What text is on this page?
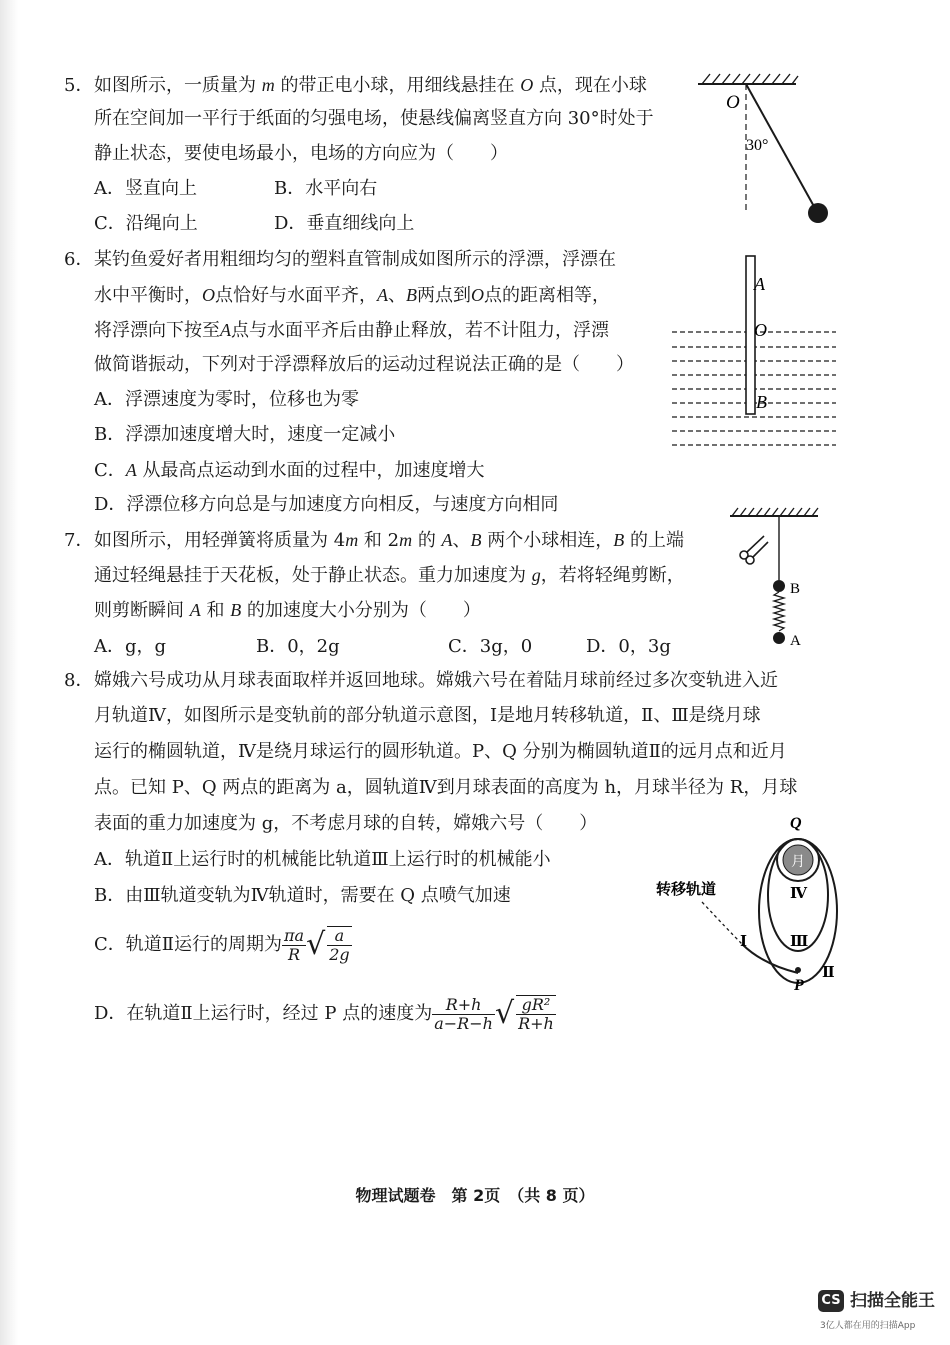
5．如图所示，一质量为 m 的带正电小球，用细线悬挂在 O 点，现在小球
所在空间加一平行于纸面的匀强电场，使悬线偏离竖直方向 30°时处于
静止状态，要使电场最小，电场的方向应为（　　）
A．竖直向上	B．水平向右
C．沿绳向上	D．垂直细线向上
O
30°
6．某钓鱼爱好者用粗细均匀的塑料直管制成如图所示的浮漂，浮漂在
水中平衡时，O点恰好与水面平齐，A、B两点到O点的距离相等，
将浮漂向下按至A点与水面平齐后由静止释放，若不计阻力，浮漂
做简谐振动，下列对于浮漂释放后的运动过程说法正确的是（　　）
A．浮漂速度为零时，位移也为零
B．浮漂加速度增大时，速度一定减小
C．A 从最高点运动到水面的过程中，加速度增大
D．浮漂位移方向总是与加速度方向相反，与速度方向相同
A
O
B
7．如图所示，用轻弹簧将质量为 4m 和 2m 的 A、B 两个小球相连，B 的上端
通过轻绳悬挂于天花板，处于静止状态。重力加速度为 g，若将轻绳剪断，
则剪断瞬间 A 和 B 的加速度大小分别为（　　）
A．g，g	B．0，2g	C．3g，0	D．0，3g
B
A
8．嫦娥六号成功从月球表面取样并返回地球。嫦娥六号在着陆月球前经过多次变轨进入近
月轨道Ⅳ，如图所示是变轨前的部分轨道示意图，Ⅰ是地月转移轨道，Ⅱ、Ⅲ是绕月球
运行的椭圆轨道，Ⅳ是绕月球运行的圆形轨道。P、Q 分别为椭圆轨道Ⅱ的远月点和近月
点。已知 P、Q 两点的距离为 a，圆轨道Ⅳ到月球表面的高度为 h，月球半径为 R，月球
表面的重力加速度为 g，不考虑月球的自转，嫦娥六号（　　）
A．轨道Ⅱ上运行时的机械能比轨道Ⅲ上运行时的机械能小
B．由Ⅲ轨道变轨为Ⅳ轨道时，需要在 Q 点喷气加速
C．轨道Ⅱ运行的周期为 $\frac{\pi a}{R}$ √ $\frac{a}{2g}$
D．在轨道Ⅱ上运行时，经过 P 点的速度为 $\frac{R+h}{a-R-h}$ √ $\frac{\text{gR²}}{R+h}$
月
Q
Ⅳ
Ⅲ
Ⅱ
Ⅰ
P
转移轨道
物理试题卷　第 2页　（共 8 页）
CS 扫描全能王
3亿人都在用的扫描App
